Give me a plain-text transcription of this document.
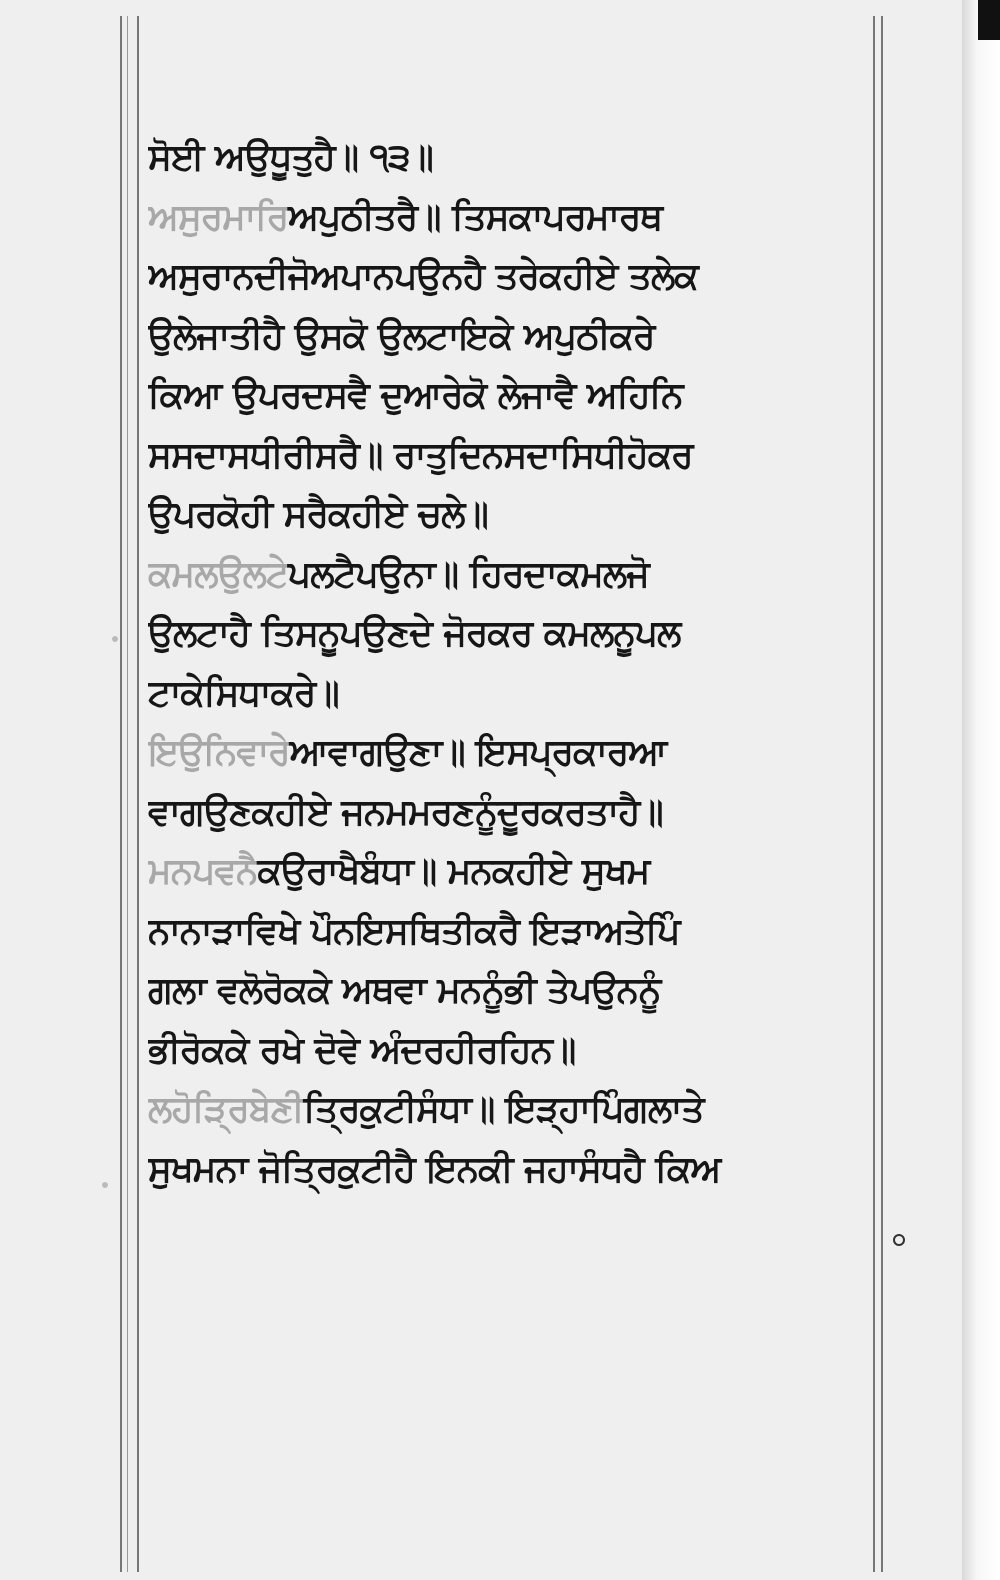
ਸੋਈ ਅਉਧੂਤੁਹੈ॥ ੧੩॥
ਅਸੁਰਮਾਰਿਅਪੁਠੀਤਰੈ॥ ਤਿਸਕਾਪਰਮਾਰਥ
ਅਸੁਰਾਨਦੀਜੋਅਪਾਨਪਉਨਹੈ ਤਰੇਕਹੀਏ ਤਲੇਕ
ਉਲੇਜਾਤੀਹੈ ਉਸਕੋ ਉਲਟਾਇਕੇ ਅਪੁਠੀਕਰੇ
ਕਿਆ ਉਪਰਦਸਵੈ ਦੁਆਰੇਕੋ ਲੇਜਾਵੈ ਅਹਿਨਿ
ਸਸਦਾਸਧੀਰੀਸਰੈ॥ ਰਾਤੁਦਿਨਸਦਾਸਿਧੀਹੋਕਰ
ਉਪਰਕੋਹੀ ਸਰੈਕਹੀਏ ਚਲੇ॥
ਕਮਲਉਲਟੇਪਲਟੈਪਉਨਾ॥ ਹਿਰਦਾਕਮਲਜੋ
ਉਲਟਾਹੈ ਤਿਸਨੂਪਉਣਦੇ ਜੋਰਕਰ ਕਮਲਨੂਪਲ
ਟਾਕੇਸਿਧਾਕਰੇ॥
ਇਉਨਿਵਾਰੇਆਵਾਗਉਣਾ॥ ਇਸਪ੍ਰਕਾਰਆ
ਵਾਗਉਣਕਹੀਏ ਜਨਮਮਰਣਨੂੰਦੂਰਕਰਤਾਹੈ॥
ਮਨਪਵਨੈਕਉਰਾਖੈਬੰਧਾ॥ ਮਨਕਹੀਏ ਸੁਖਮ
ਨਾਨਾੜਾਵਿਖੇ ਪੌਨਇਸਥਿਤੀਕਰੈ ਇੜਾਅਤੇਪਿੰ
ਗਲਾ ਵਲੋਰੋਕਕੇ ਅਥਵਾ ਮਨਨੂੰਭੀ ਤੇਪਉਨਨੂੰ
ਭੀਰੋਕਕੇ ਰਖੇ ਦੋਵੇ ਅੰਦਰਹੀਰਹਿਨ॥
ਲਹੋੜ੍ਰਿਬੇਣੀਤ੍ਰਿਕੁਟੀਸੰਧਾ॥ ਇੜ੍ਹਾਪਿੰਗਲਾਤੇ
ਸੁਖਮਨਾ ਜੋਤ੍ਰਿਕੁਟੀਹੈ ਇਨਕੀ ਜਹਾਸੰਧਹੈ ਕਿਅ
